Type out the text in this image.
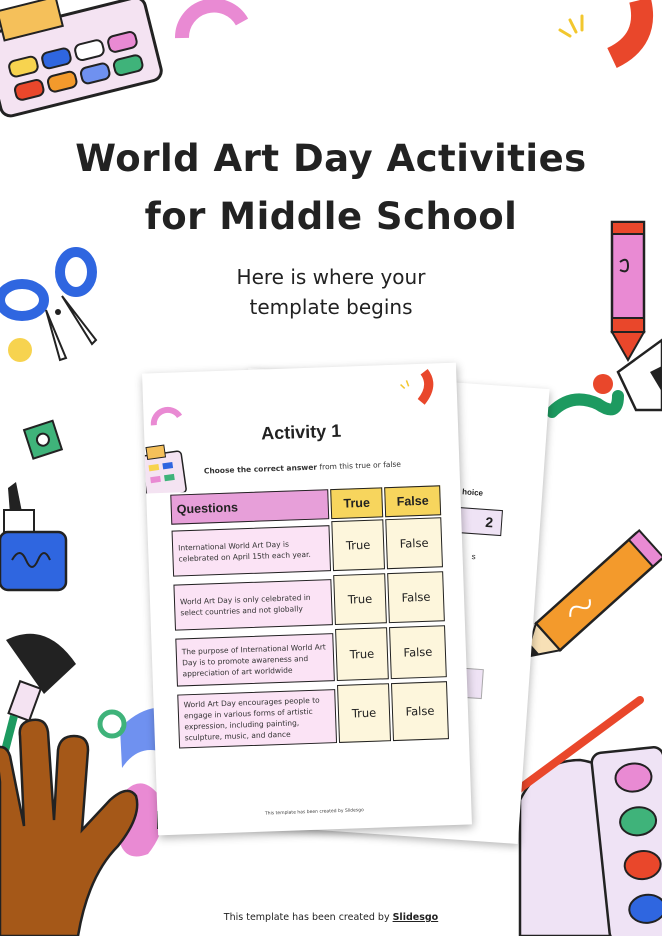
World Art Day Activities
for Middle School
Here is where your
template begins
hoice
2
s
Activity 1
Choose the correct answer from this true or false
Questions	True	False
International World Art Day is celebrated on April 15th each year.
True	False
World Art Day is only celebrated in select countries and not globally
True	False
The purpose of International World Art Day is to promote awareness and appreciation of art worldwide
True	False
World Art Day encourages people to engage in various forms of artistic expression, including painting, sculpture, music, and dance
True	False
This template has been created by Slidesgo
This template has been created by Slidesgo
